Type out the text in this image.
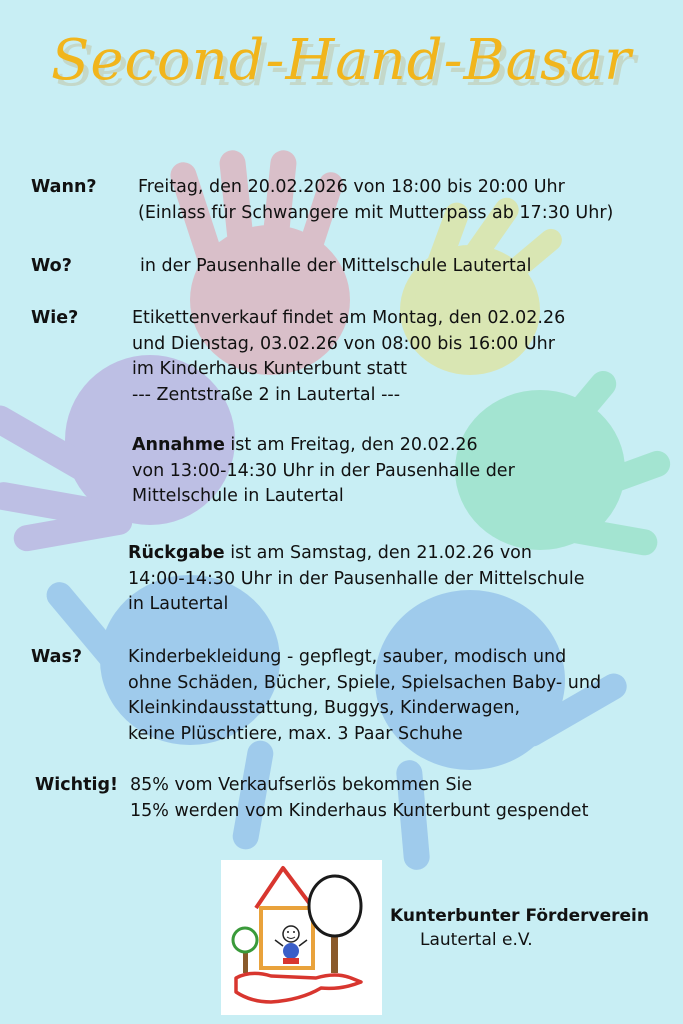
Second-Hand-Basar
Wann? Freitag, den 20.02.2026 von 18:00 bis 20:00 Uhr
(Einlass für Schwangere mit Mutterpass ab 17:30 Uhr)
Wo?	in der Pausenhalle der Mittelschule Lautertal
Wie?	Etikettenverkauf findet am Montag, den 02.02.26
und Dienstag, 03.02.26 von 08:00 bis 16:00 Uhr
im Kinderhaus Kunterbunt statt
--- Zentstraße 2 in Lautertal ---
Annahme ist am Freitag, den 20.02.26
von 13:00-14:30 Uhr in der Pausenhalle der
Mittelschule in Lautertal
Rückgabe ist am Samstag, den 21.02.26 von
14:00-14:30 Uhr in der Pausenhalle der Mittelschule
in Lautertal
Was?	Kinderbekleidung - gepflegt, sauber, modisch und
ohne Schäden, Bücher, Spiele, Spielsachen Baby- und
Kleinkindausstattung, Buggys, Kinderwagen,
keine Plüschtiere, max. 3 Paar Schuhe
Wichtig! 85% vom Verkaufserlös bekommen Sie
15% werden vom Kinderhaus Kunterbunt gespendet
Kunterbunter Förderverein
Lautertal e.V.
